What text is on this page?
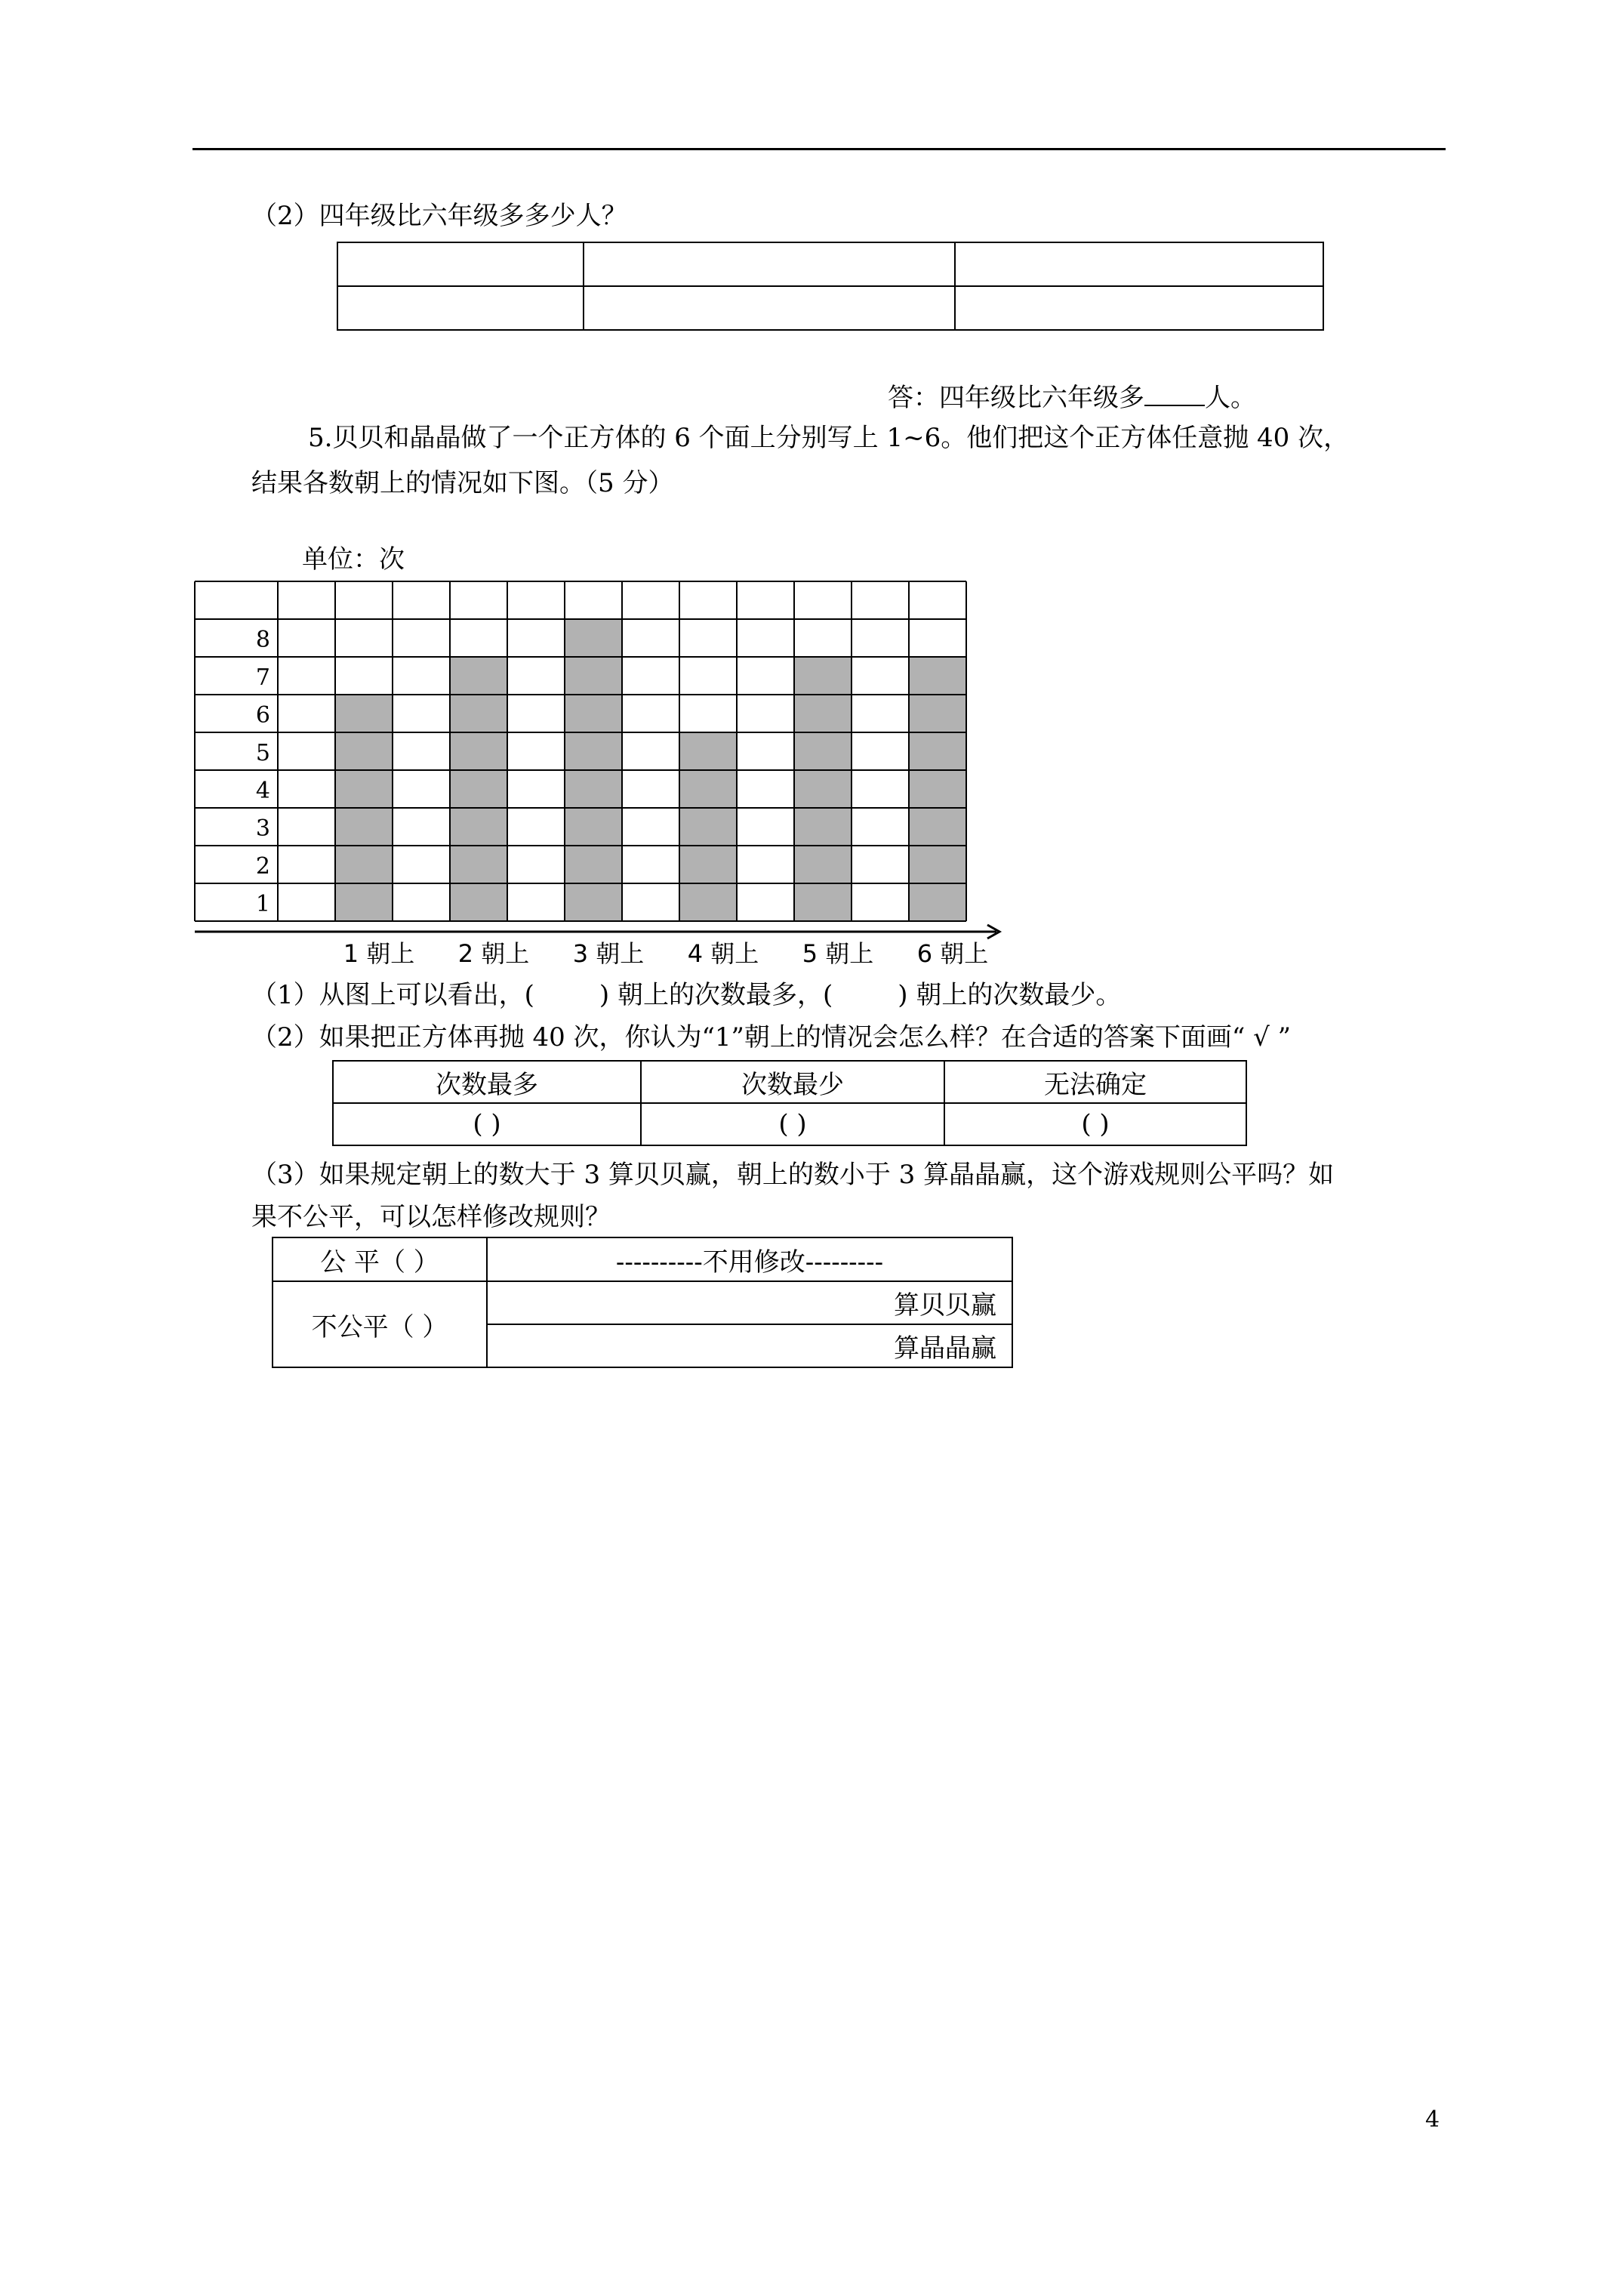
（2）四年级比六年级多多少人？

答：四年级比六年级多 人。
5.贝贝和晶晶做了一个正方体的 6 个面上分别写上 1~6。他们把这个正方体任意抛 40 次，
结果各数朝上的情况如下图。（5 分）
单位：次
1
2
3
4
5
6
7
8
1 朝上 2 朝上 3 朝上 4 朝上 5 朝上 6 朝上
（1）从图上可以看出，(	) 朝上的次数最多，(	) 朝上的次数最少。
（2）如果把正方体再抛 40 次，你认为“1”朝上的情况会怎么样？在合适的答案下面画“ √ ”
次数最多	次数最少	无法确定
( )	( )	( )
（3）如果规定朝上的数大于 3 算贝贝赢，朝上的数小于 3 算晶晶赢，这个游戏规则公平吗？如
果不公平，可以怎样修改规则？
公 平（ ）	----------不用修改---------
不公平（ ）	算贝贝赢
	算晶晶赢
4
